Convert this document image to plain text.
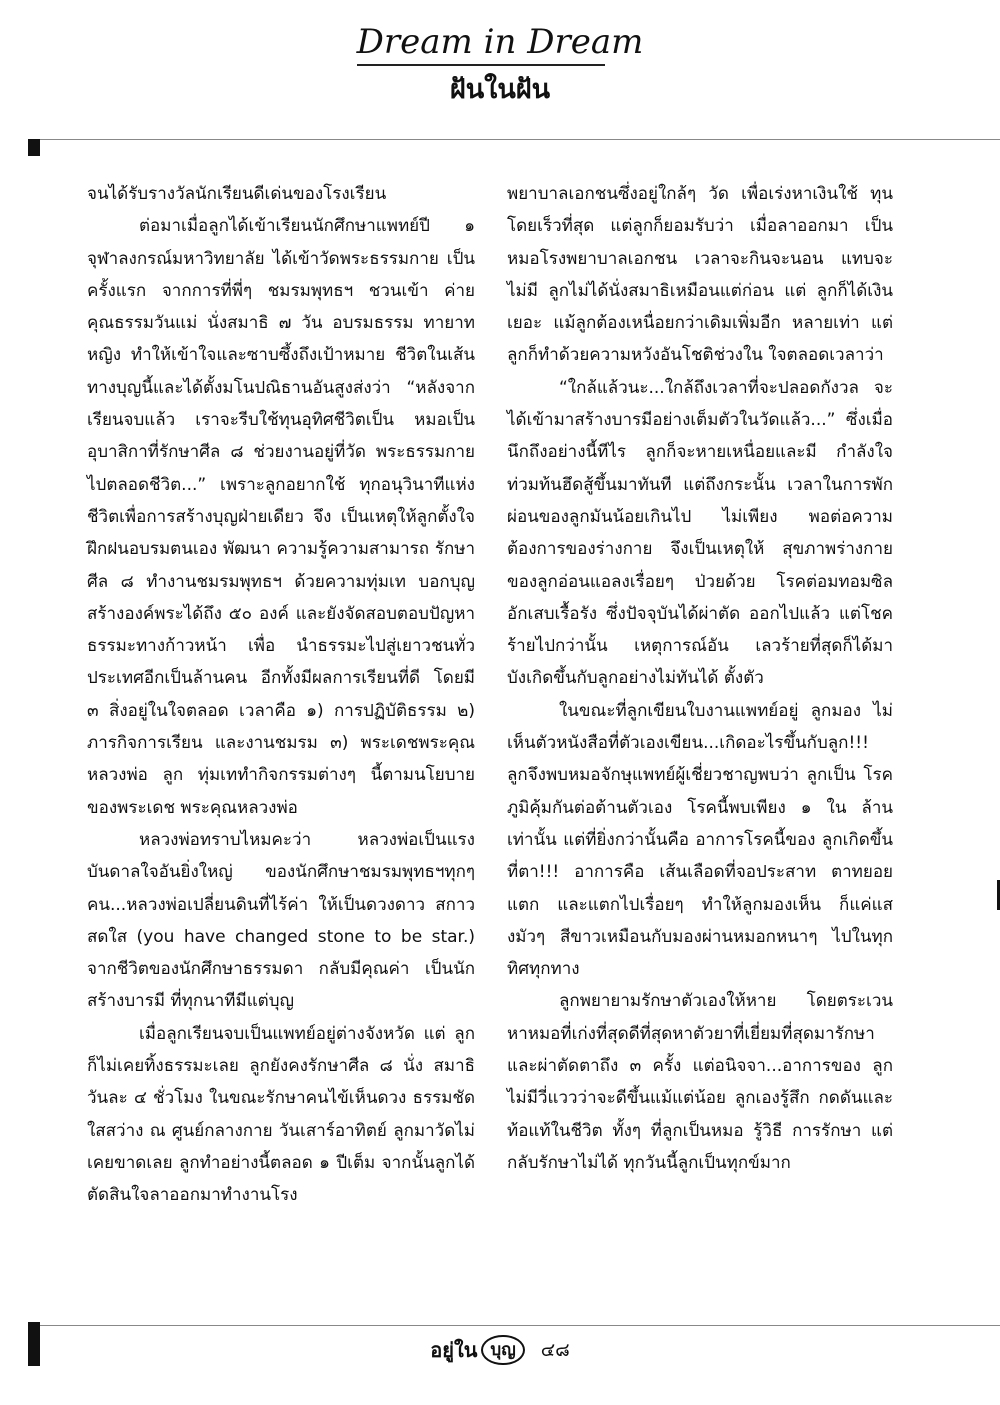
Dream in Dream
ฝันในฝัน

จนได้รับรางวัลนักเรียนดีเด่นของโรงเรียน

ต่อมาเมื่อลูกได้เข้าเรียนนักศึกษาแพทย์ปี ๑ จุฬาลงกรณ์มหาวิทยาลัย ได้เข้าวัดพระธรรมกาย เป็นครั้งแรก จากการที่พี่ๆ ชมรมพุทธฯ ชวนเข้า ค่ายคุณธรรมวันแม่ นั่งสมาธิ ๗ วัน อบรมธรรม ทายาทหญิง ทำให้เข้าใจและซาบซึ้งถึงเป้าหมาย ชีวิตในเส้นทางบุญนี้และได้ตั้งมโนปณิธานอันสูงส่งว่า “หลังจากเรียนจบแล้ว เราจะรีบใช้ทุนอุทิศชีวิตเป็น หมอเป็นอุบาสิกาที่รักษาศีล ๘ ช่วยงานอยู่ที่วัด พระธรรมกายไปตลอดชีวิต...” เพราะลูกอยากใช้ ทุกอนุวินาทีแห่งชีวิตเพื่อการสร้างบุญฝ่ายเดียว จึง เป็นเหตุให้ลูกตั้งใจฝึกฝนอบรมตนเอง พัฒนา ความรู้ความสามารถ รักษาศีล ๘ ทำงานชมรมพุทธฯ ด้วยความทุ่มเท บอกบุญสร้างองค์พระได้ถึง ๕๐ องค์ และยังจัดสอบตอบปัญหาธรรมะทางก้าวหน้า เพื่อ นำธรรมะไปสู่เยาวชนทั่วประเทศอีกเป็นล้านคน อีกทั้งมีผลการเรียนที่ดี โดยมี ๓ สิ่งอยู่ในใจตลอด เวลาคือ ๑) การปฏิบัติธรรม ๒) ภารกิจการเรียน และงานชมรม ๓) พระเดชพระคุณหลวงพ่อ ลูก ทุ่มเททำกิจกรรมต่างๆ นี้ตามนโยบายของพระเดช พระคุณหลวงพ่อ

หลวงพ่อทราบไหมคะว่า หลวงพ่อเป็นแรง บันดาลใจอันยิ่งใหญ่ ของนักศึกษาชมรมพุทธฯทุกๆ คน...หลวงพ่อเปลี่ยนดินที่ไร้ค่า ให้เป็นดวงดาว สกาวสดใส (you have changed stone to be star.) จากชีวิตของนักศึกษาธรรมดา กลับมีคุณค่า เป็นนักสร้างบารมี ที่ทุกนาทีมีแต่บุญ

เมื่อลูกเรียนจบเป็นแพทย์อยู่ต่างจังหวัด แต่ ลูกก็ไม่เคยทิ้งธรรมะเลย ลูกยังคงรักษาศีล ๘ นั่ง สมาธิวันละ ๔ ชั่วโมง ในขณะรักษาคนไข้เห็นดวง ธรรมชัดใสสว่าง ณ ศูนย์กลางกาย วันเสาร์อาทิตย์ ลูกมาวัดไม่เคยขาดเลย ลูกทำอย่างนี้ตลอด ๑ ปีเต็ม จากนั้นลูกได้ตัดสินใจลาออกมาทำงานโรง

พยาบาลเอกชนซึ่งอยู่ใกล้ๆ วัด เพื่อเร่งหาเงินใช้ ทุนโดยเร็วที่สุด แต่ลูกก็ยอมรับว่า เมื่อลาออกมา เป็นหมอโรงพยาบาลเอกชน เวลาจะกินจะนอน แทบจะไม่มี ลูกไม่ได้นั่งสมาธิเหมือนแต่ก่อน แต่ ลูกก็ได้เงินเยอะ แม้ลูกต้องเหนื่อยกว่าเดิมเพิ่มอีก หลายเท่า แต่ลูกก็ทำด้วยความหวังอันโชติช่วงใน ใจตลอดเวลาว่า

“ใกล้แล้วนะ...ใกล้ถึงเวลาที่จะปลอดกังวล จะได้เข้ามาสร้างบารมีอย่างเต็มตัวในวัดแล้ว...” ซึ่งเมื่อนึกถึงอย่างนี้ทีไร ลูกก็จะหายเหนื่อยและมี กำลังใจท่วมท้นฮึดสู้ขึ้นมาทันที แต่ถึงกระนั้น เวลาในการพักผ่อนของลูกมันน้อยเกินไป ไม่เพียง พอต่อความต้องการของร่างกาย จึงเป็นเหตุให้ สุขภาพร่างกายของลูกอ่อนแอลงเรื่อยๆ ป่วยด้วย โรคต่อมทอมซิลอักเสบเรื้อรัง ซึ่งปัจจุบันได้ผ่าตัด ออกไปแล้ว แต่โชคร้ายไปกว่านั้น เหตุการณ์อัน เลวร้ายที่สุดก็ได้มาบังเกิดขึ้นกับลูกอย่างไม่ทันได้ ตั้งตัว

ในขณะที่ลูกเขียนใบงานแพทย์อยู่ ลูกมอง ไม่เห็นตัวหนังสือที่ตัวเองเขียน...เกิดอะไรขึ้นกับลูก!!! ลูกจึงพบหมอจักษุแพทย์ผู้เชี่ยวชาญพบว่า ลูกเป็น โรคภูมิคุ้มกันต่อต้านตัวเอง โรคนี้พบเพียง ๑ ใน ล้านเท่านั้น แต่ที่ยิ่งกว่านั้นคือ อาการโรคนี้ของ ลูกเกิดขึ้นที่ตา!!! อาการคือ เส้นเลือดที่จอประสาท ตาทยอยแตก และแตกไปเรื่อยๆ ทำให้ลูกมองเห็น ก็แค่แสงมัวๆ สีขาวเหมือนกับมองผ่านหมอกหนาๆ ไปในทุกทิศทุกทาง

ลูกพยายามรักษาตัวเองให้หาย โดยตระเวน หาหมอที่เก่งที่สุดดีที่สุดหาตัวยาที่เยี่ยมที่สุดมารักษา และผ่าตัดตาถึง ๓ ครั้ง แต่อนิจจา...อาการของ ลูกไม่มีวี่แววว่าจะดีขึ้นแม้แต่น้อย ลูกเองรู้สึก กดดันและท้อแท้ในชีวิต ทั้งๆ ที่ลูกเป็นหมอ รู้วิธี การรักษา แต่กลับรักษาไม่ได้ ทุกวันนี้ลูกเป็นทุกข์มาก

อยู่ใน บุญ	๔๘
